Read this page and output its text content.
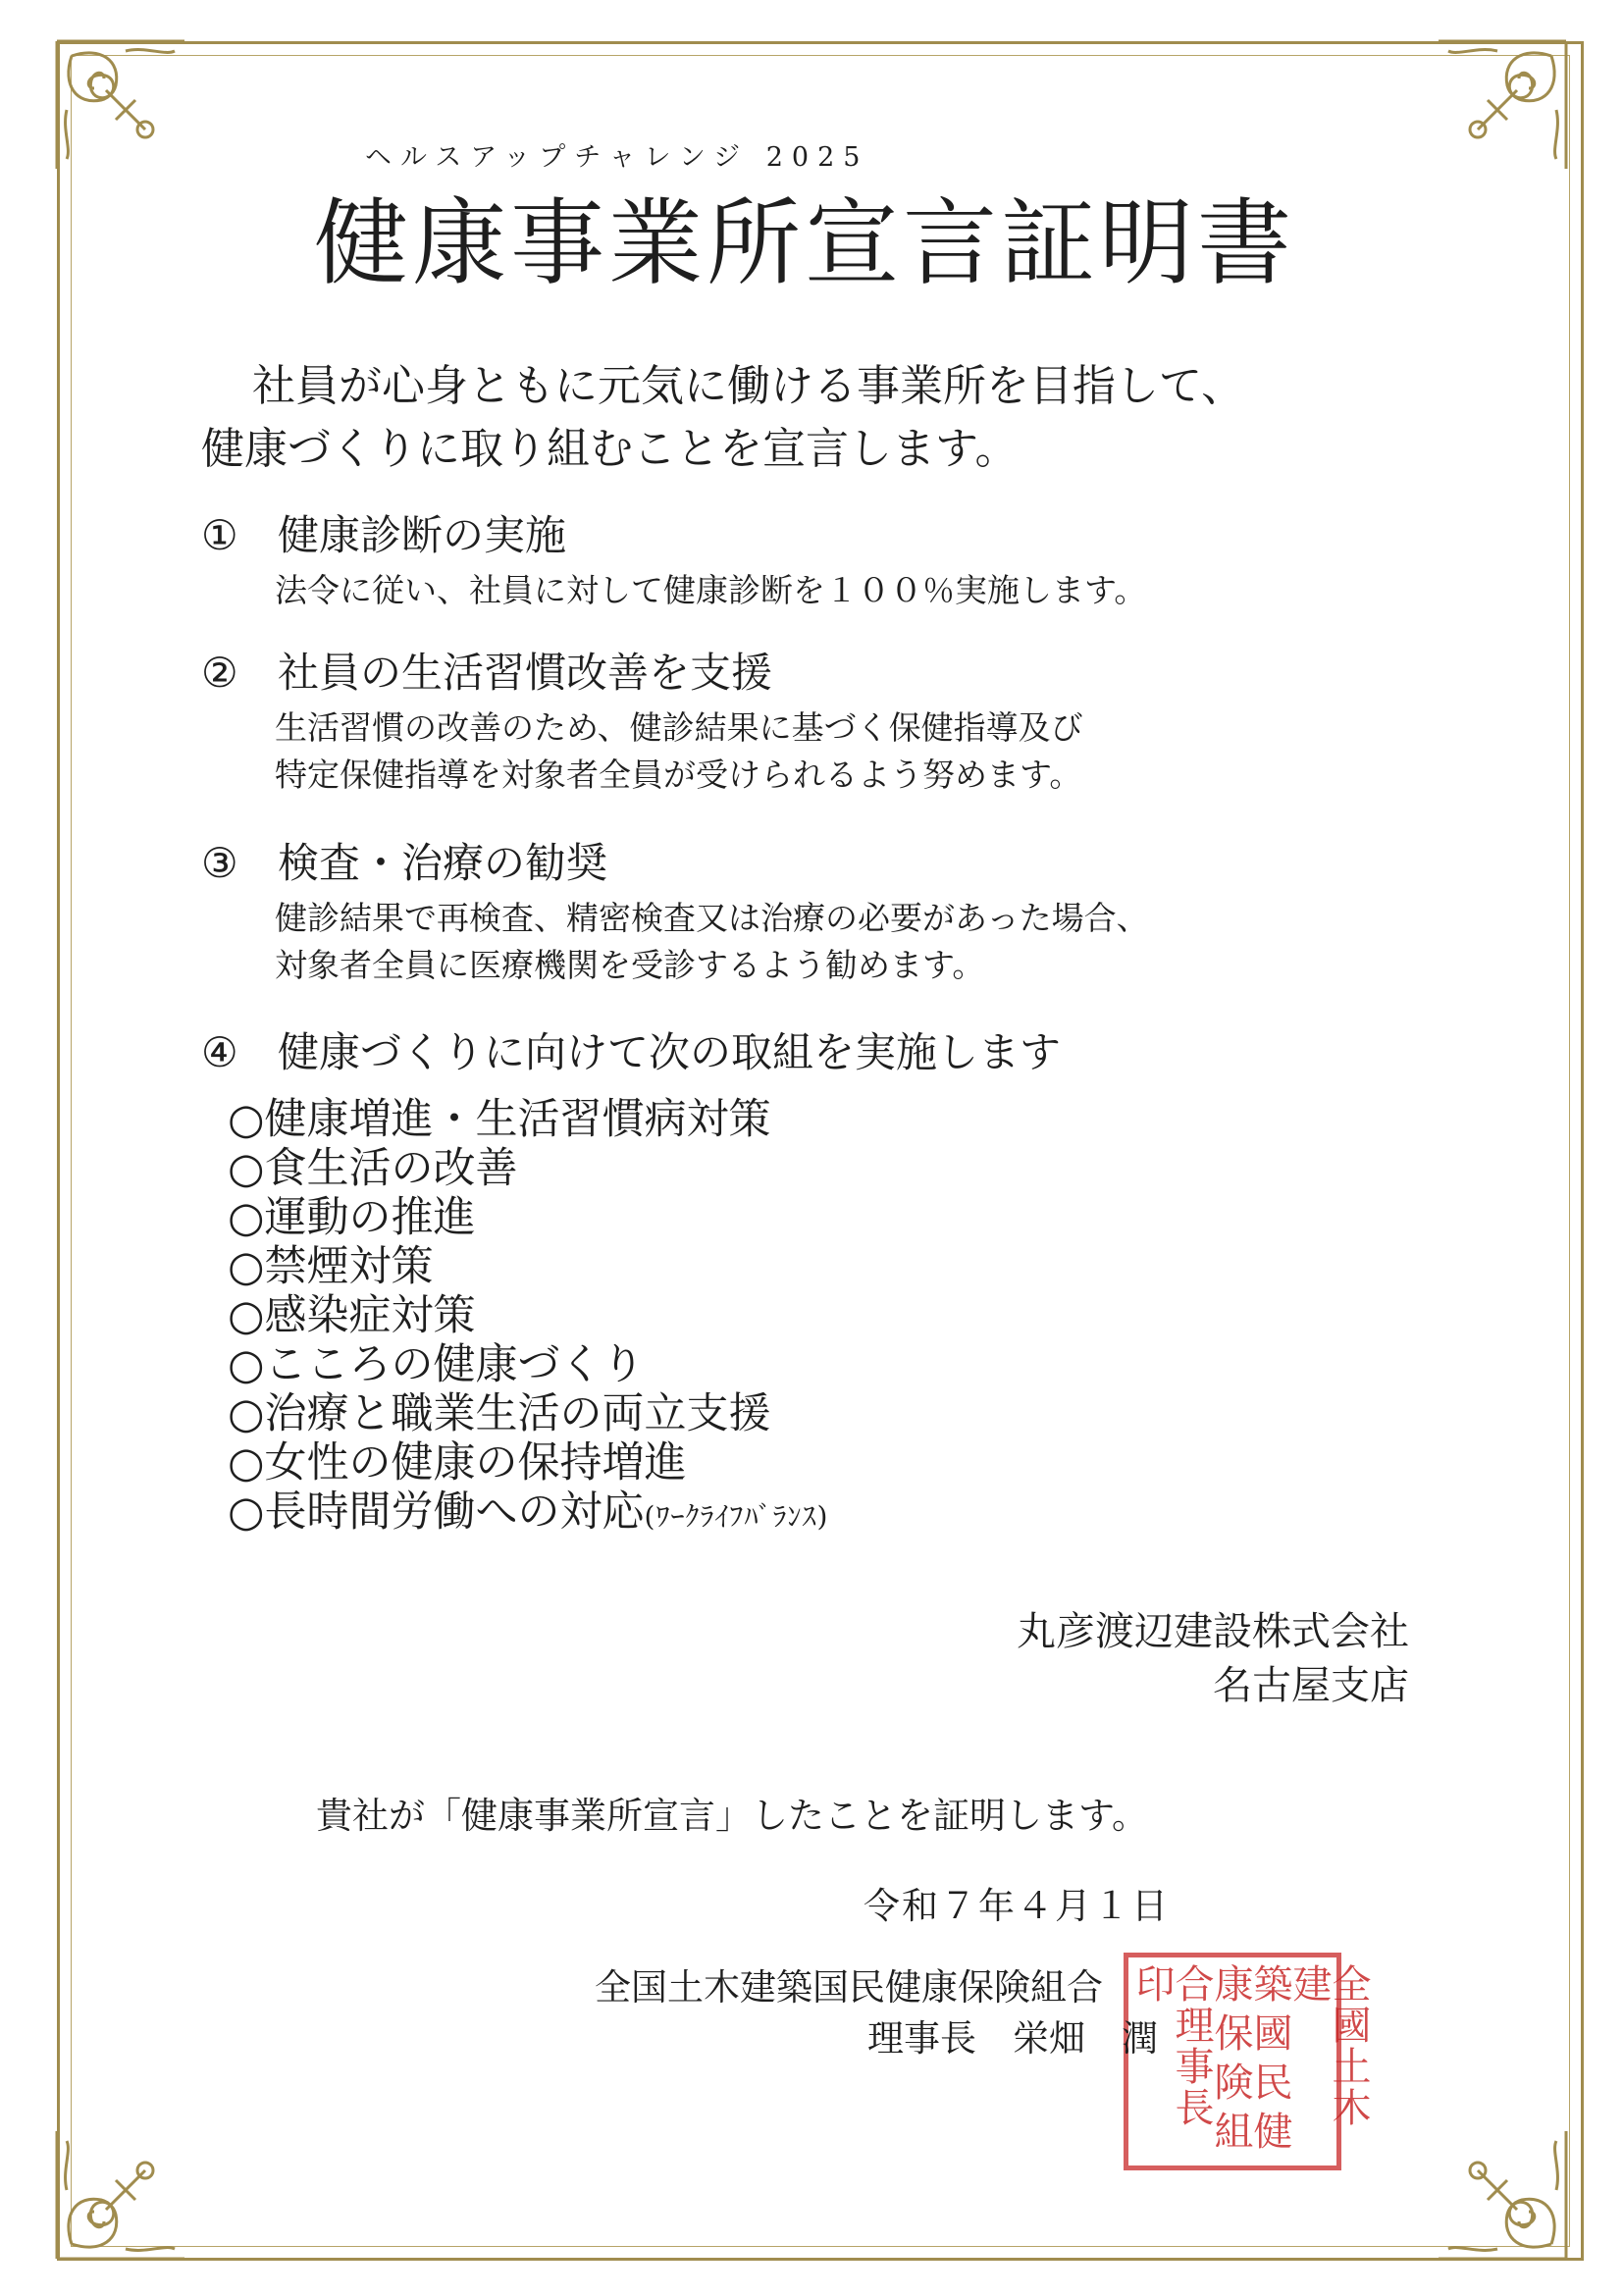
ヘルスアップチャレンジ 2025
健康事業所宣言証明書
社員が心身ともに元気に働ける事業所を目指して、
健康づくりに取り組むことを宣言します。
① 健康診断の実施
法令に従い、社員に対して健康診断を１００％実施します。
② 社員の生活習慣改善を支援
生活習慣の改善のため、健診結果に基づく保健指導及び
特定保健指導を対象者全員が受けられるよう努めます。
③ 検査・治療の勧奨
健診結果で再検査、精密検査又は治療の必要があった場合、
対象者全員に医療機関を受診するよう勧めます。
④ 健康づくりに向けて次の取組を実施します
○健康増進・生活習慣病対策
○食生活の改善
○運動の推進
○禁煙対策
○感染症対策
○こころの健康づくり
○治療と職業生活の両立支援
○女性の健康の保持増進
○長時間労働への対応(ﾜｰｸﾗｲﾌﾊﾞﾗﾝｽ)
丸彦渡辺建設株式会社
名古屋支店
貴社が「健康事業所宣言」したことを証明します。
令和７年４月１日
全國土木建
築國民健
康保険組
合理事長印
全国土木建築国民健康保険組合
理事長　栄畑　潤
